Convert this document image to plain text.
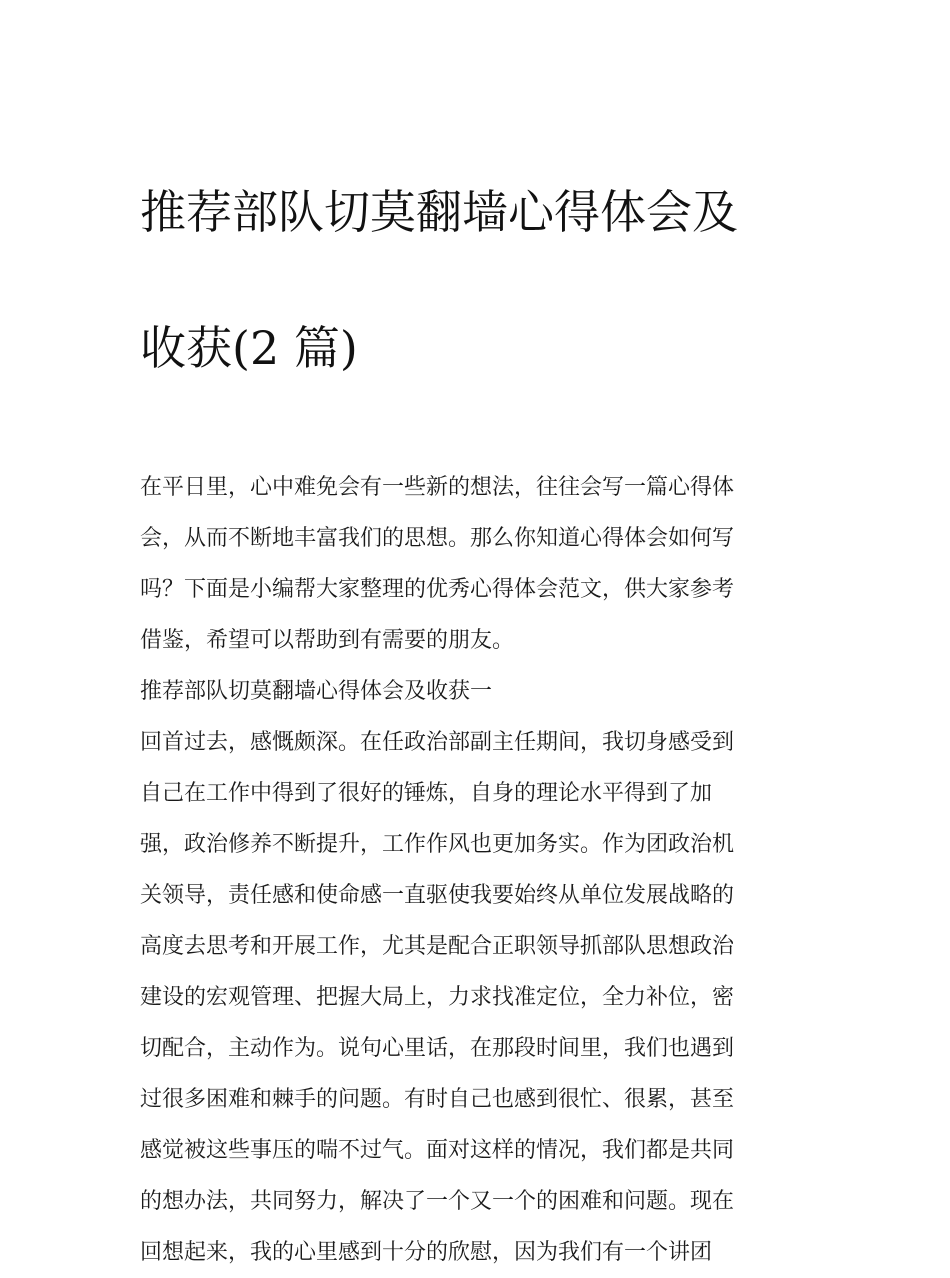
推荐部队切莫翻墙心得体会及

收获(2 篇)

在平日里，心中难免会有一些新的想法，往往会写一篇心得体
会，从而不断地丰富我们的思想。那么你知道心得体会如何写
吗？下面是小编帮大家整理的优秀心得体会范文，供大家参考
借鉴，希望可以帮助到有需要的朋友。
推荐部队切莫翻墙心得体会及收获一
回首过去，感慨颇深。在任政治部副主任期间，我切身感受到
自己在工作中得到了很好的锤炼，自身的理论水平得到了加
强，政治修养不断提升，工作作风也更加务实。作为团政治机
关领导，责任感和使命感一直驱使我要始终从单位发展战略的
高度去思考和开展工作，尤其是配合正职领导抓部队思想政治
建设的宏观管理、把握大局上，力求找准定位，全力补位，密
切配合，主动作为。说句心里话，在那段时间里，我们也遇到
过很多困难和棘手的问题。有时自己也感到很忙、很累，甚至
感觉被这些事压的喘不过气。面对这样的情况，我们都是共同
的想办法，共同努力，解决了一个又一个的困难和问题。现在
回想起来，我的心里感到十分的欣慰，因为我们有一个讲团
